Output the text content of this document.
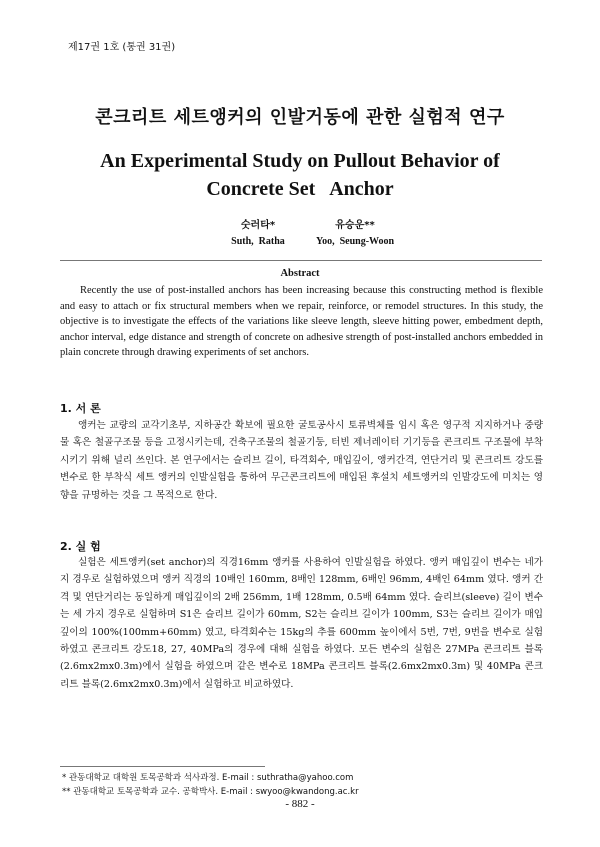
제17권 1호 (통권 31권)
콘크리트 세트앵커의 인발거동에 관한 실험적 연구
An Experimental Study on Pullout Behavior of
Concrete Set   Anchor
숫러타*
Suth,  Ratha
유승운**
Yoo,  Seung-Woon
Abstract
Recently the use of post-installed anchors has been increasing because this constructing method is flexible and easy to attach or fix structural members when we repair, reinforce, or remodel structures. In this study, the objective is to investigate the effects of the variations like sleeve length, sleeve hitting power, embedment depth, anchor interval, edge distance and strength of concrete on adhesive strength of post-installed anchors embedded in plain concrete through drawing experiments of set anchors.
1. 서 론
앵커는 교량의 교각기초부, 지하공간 확보에 필요한 굴토공사시 토류벽체를 임시 혹은 영구적 지지하거나 중량물 혹은 철골구조물 등을 고정시키는데, 건축구조물의 철골기둥, 터빈 제너레이터 기기등을 콘크리트 구조물에 부착시키기 위해 널리 쓰인다. 본 연구에서는 슬리브 길이, 타격회수, 매입깊이, 앵커간격, 연단거리 및 콘크리트 강도를 변수로 한 부착식 세트 앵커의 인발실험을 통하여 무근콘크리트에 매입된 후설치 세트앵커의 인발강도에 미치는 영향을 규명하는 것을 그 목적으로 한다.
2. 실 험
실험은 세트앵커(set anchor)의 직경16mm 앵커를 사용하여 인발실험을 하였다. 앵커 매입깊이 변수는 네가지 경우로 실험하였으며 앵커 직경의 10배인 160mm, 8배인 128mm, 6배인 96mm, 4배인 64mm 였다. 앵커 간격 및 연단거리는 동일하게 매입깊이의 2배 256mm, 1배 128mm, 0.5배 64mm 였다. 슬리브(sleeve) 길이 변수는 세 가지 경우로 실험하며 S1은 슬리브 길이가 60mm, S2는 슬리브 길이가 100mm, S3는 슬리브 길이가 매입 깊이의 100%(100mm+60mm) 였고, 타격회수는 15kg의 추를 600mm 높이에서 5번, 7번, 9번을 변수로 실험하였고 콘크리트 강도18, 27, 40MPa의 경우에 대해 실험을 하였다. 모든 변수의 실험은 27MPa 콘크리트 블록(2.6mx2mx0.3m)에서 실험을 하였으며 같은 변수로 18MPa 콘크리트 블록(2.6mx2mx0.3m) 및 40MPa 콘크리트 블록(2.6mx2mx0.3m)에서 실험하고 비교하였다.
* 관동대학교 대학원 토목공학과 석사과정. E-mail : suthratha@yahoo.com
** 관동대학교 토목공학과 교수. 공학박사. E-mail : swyoo@kwandong.ac.kr
- 882 -
